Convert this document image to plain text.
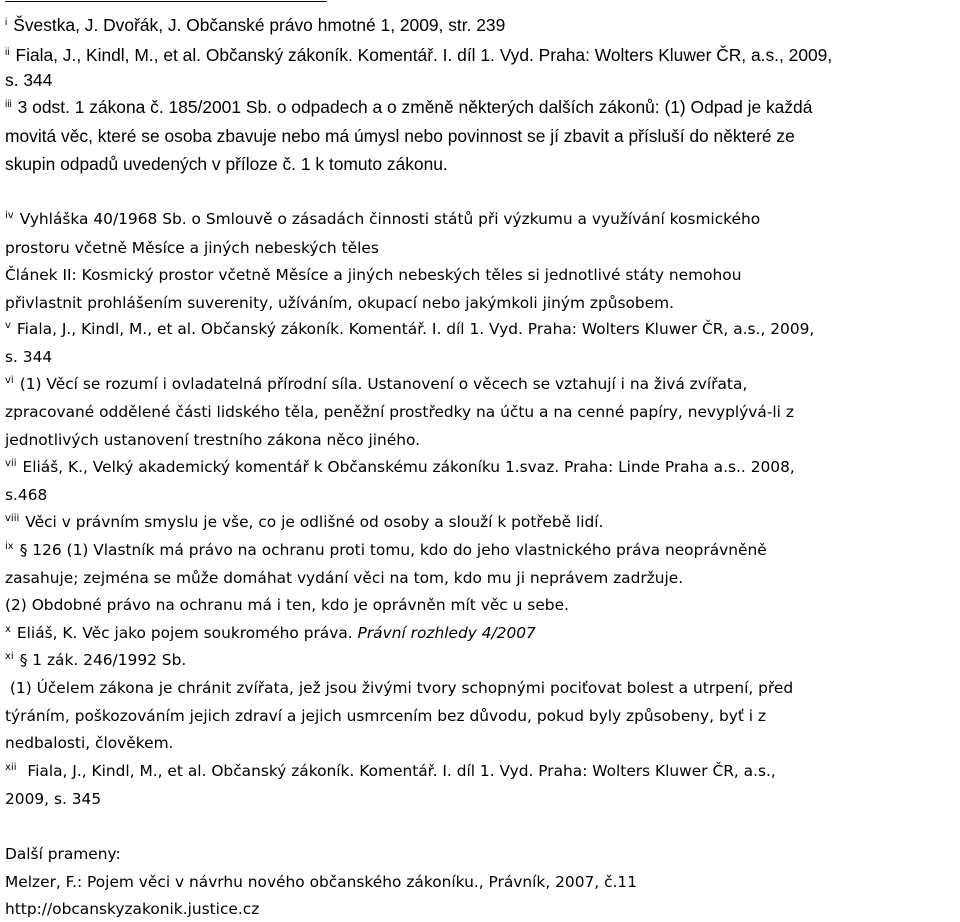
$^i$ Švestka, J. Dvořák, J. Občanské právo hmotné 1, 2009, str. 239

$^{ii}$ Fiala, J., Kindl, M., et al. Občanský zákoník. Komentář. I. díl 1. Vyd. Praha: Wolters Kluwer ČR, a.s., 2009,

s. 344

$^{iii}$ 3 odst. 1 zákona č. 185/2001 Sb. o odpadech a o změně některých dalších zákonů: (1) Odpad je každá

movitá věc, které se osoba zbavuje nebo má úmysl nebo povinnost se jí zbavit a přísluší do některé ze

skupin odpadů uvedených v příloze č. 1 k tomuto zákonu.

$^{iv}$ Vyhláška 40/1968 Sb. o Smlouvě o zásadách činnosti států při výzkumu a využívání kosmického

prostoru včetně Měsíce a jiných nebeských těles

Článek II: Kosmický prostor včetně Měsíce a jiných nebeských těles si jednotlivé státy nemohou

přivlastnit prohlášením suverenity, užíváním, okupací nebo jakýmkoli jiným způsobem.

$^v$ Fiala, J., Kindl, M., et al. Občanský zákoník. Komentář. I. díl 1. Vyd. Praha: Wolters Kluwer ČR, a.s., 2009,

s. 344

$^{vi}$ (1) Věcí se rozumí i ovladatelná přírodní síla. Ustanovení o věcech se vztahují i na živá zvířata,

zpracované oddělené části lidského těla, peněžní prostředky na účtu a na cenné papíry, nevyplývá-li z

jednotlivých ustanovení trestního zákona něco jiného.

$^{vii}$ Eliáš, K., Velký akademický komentář k Občanskému zákoníku 1.svaz. Praha: Linde Praha a.s.. 2008,

s.468

$^{viii}$ Věci v právním smyslu je vše, co je odlišné od osoby a slouží k potřebě lidí.

$^{ix}$ § 126 (1) Vlastník má právo na ochranu proti tomu, kdo do jeho vlastnického práva neoprávněně

zasahuje; zejména se může domáhat vydání věci na tom, kdo mu ji neprávem zadržuje.

(2) Obdobné právo na ochranu má i ten, kdo je oprávněn mít věc u sebe.

$^x$ Eliáš, K. Věc jako pojem soukromého práva. Právní rozhledy 4/2007

$^{xi}$ § 1 zák. 246/1992 Sb.

(1) Účelem zákona je chránit zvířata, jež jsou živými tvory schopnými pociťovat bolest a utrpení, před

týráním, poškozováním jejich zdraví a jejich usmrcením bez důvodu, pokud byly způsobeny, byť i z

nedbalosti, člověkem.

$^{xii}$ Fiala, J., Kindl, M., et al. Občanský zákoník. Komentář. I. díl 1. Vyd. Praha: Wolters Kluwer ČR, a.s.,

2009, s. 345

Další prameny:

Melzer, F.: Pojem věci v návrhu nového občanského zákoníku., Právník, 2007, č.11

http://obcanskyzakonik.justice.cz
